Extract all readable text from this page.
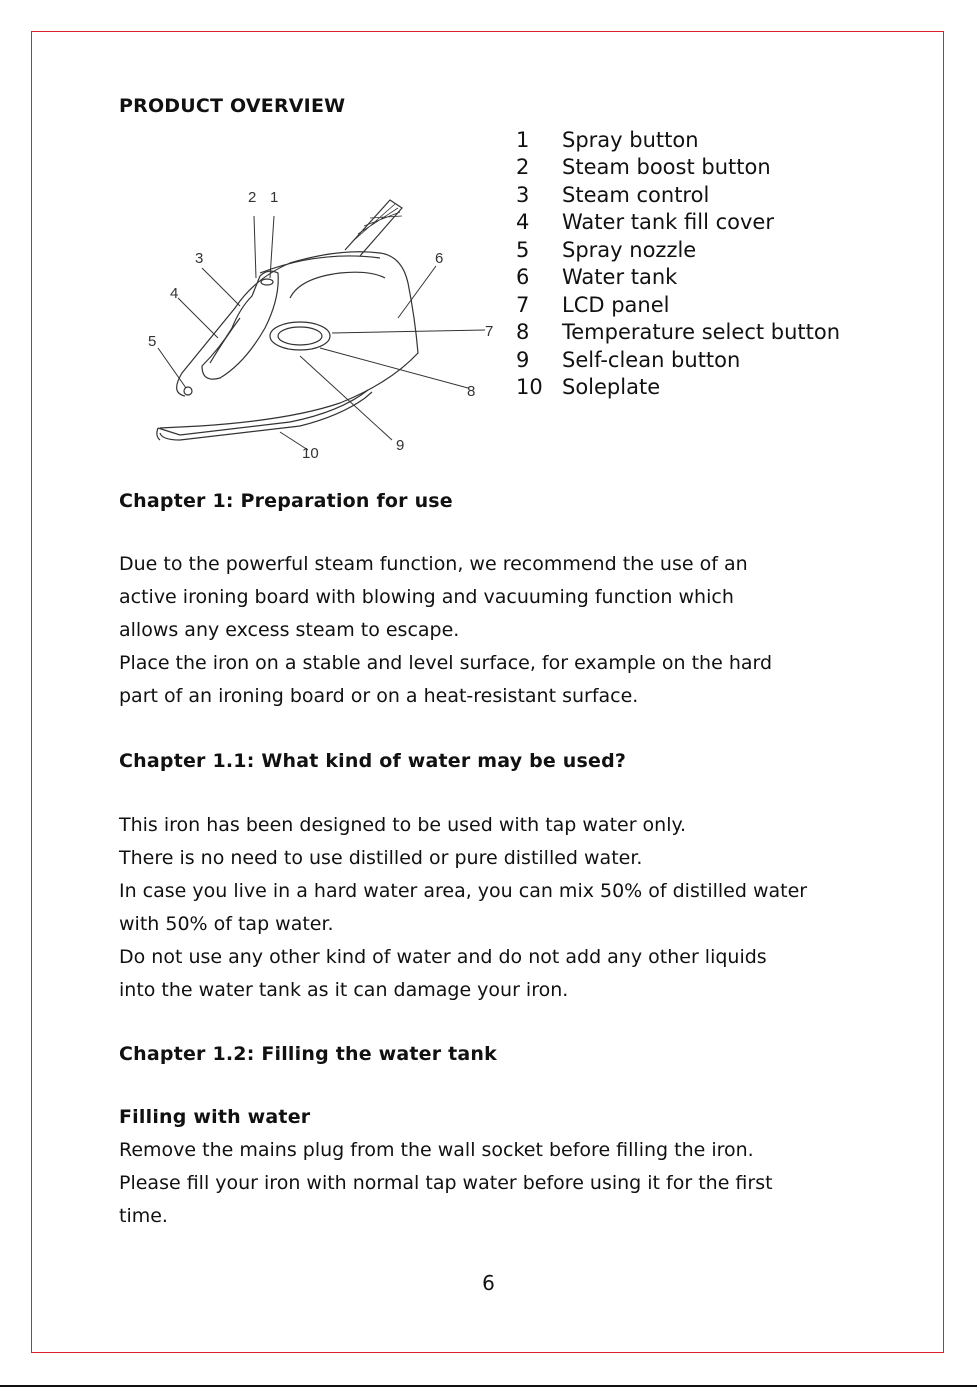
PRODUCT OVERVIEW
1	Spray button
2	Steam boost button
3	Steam control
4	Water tank fill cover
5	Spray nozzle
6	Water tank
7	LCD panel
8	Temperature select button
9	Self-clean button
10 Soleplate
2 1
3	6
4
5
7
8
9
10
Chapter 1: Preparation for use
Due to the powerful steam function, we recommend the use of an
active ironing board with blowing and vacuuming function which
allows any excess steam to escape.
Place the iron on a stable and level surface, for example on the hard
part of an ironing board or on a heat-resistant surface.
Chapter 1.1: What kind of water may be used?
This iron has been designed to be used with tap water only.
There is no need to use distilled or pure distilled water.
In case you live in a hard water area, you can mix 50% of distilled water
with 50% of tap water.
Do not use any other kind of water and do not add any other liquids
into the water tank as it can damage your iron.
Chapter 1.2: Filling the water tank
Filling with water
Remove the mains plug from the wall socket before filling the iron.
Please fill your iron with normal tap water before using it for the first
time.
6
